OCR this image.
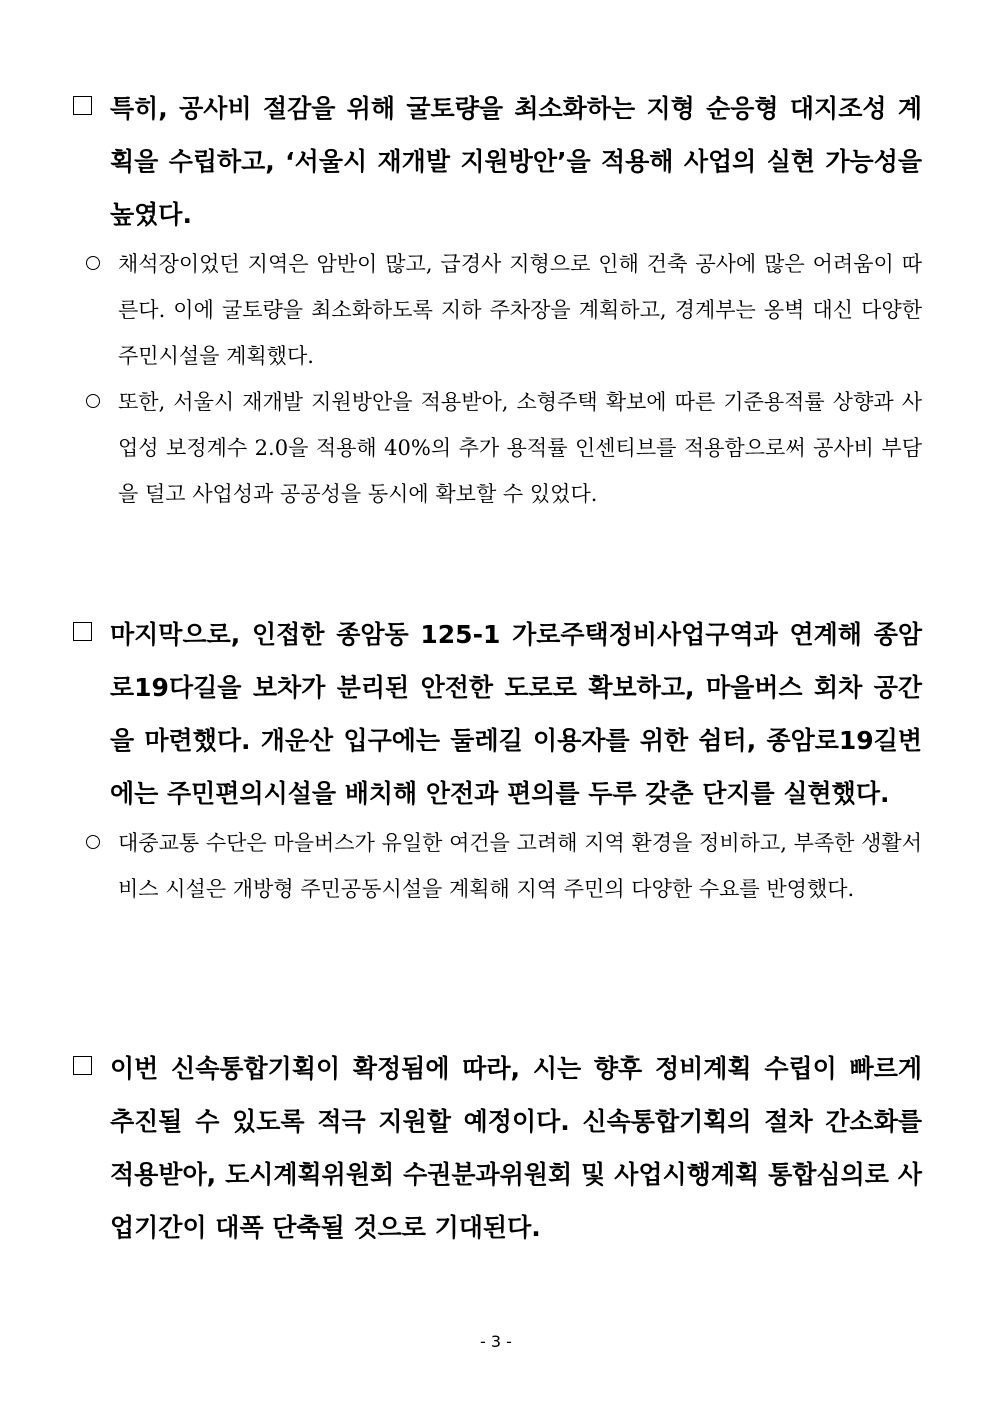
특히, 공사비 절감을 위해 굴토량을 최소화하는 지형 순응형 대지조성 계획을 수립하고, ‘서울시 재개발 지원방안’을 적용해 사업의 실현 가능성을 높였다.

채석장이었던 지역은 암반이 많고, 급경사 지형으로 인해 건축 공사에 많은 어려움이 따른다. 이에 굴토량을 최소화하도록 지하 주차장을 계획하고, 경계부는 옹벽 대신 다양한 주민시설을 계획했다.

또한, 서울시 재개발 지원방안을 적용받아, 소형주택 확보에 따른 기준용적률 상향과 사업성 보정계수 2.0을 적용해 40%의 추가 용적률 인센티브를 적용함으로써 공사비 부담을 덜고 사업성과 공공성을 동시에 확보할 수 있었다.

마지막으로, 인접한 종암동 125-1 가로주택정비사업구역과 연계해 종암로19다길을 보차가 분리된 안전한 도로로 확보하고, 마을버스 회차 공간을 마련했다. 개운산 입구에는 둘레길 이용자를 위한 쉼터, 종암로19길변에는 주민편의시설을 배치해 안전과 편의를 두루 갖춘 단지를 실현했다.

대중교통 수단은 마을버스가 유일한 여건을 고려해 지역 환경을 정비하고, 부족한 생활서비스 시설은 개방형 주민공동시설을 계획해 지역 주민의 다양한 수요를 반영했다.

이번 신속통합기획이 확정됨에 따라, 시는 향후 정비계획 수립이 빠르게 추진될 수 있도록 적극 지원할 예정이다. 신속통합기획의 절차 간소화를 적용받아, 도시계획위원회 수권분과위원회 및 사업시행계획 통합심의로 사업기간이 대폭 단축될 것으로 기대된다.

- 3 -
